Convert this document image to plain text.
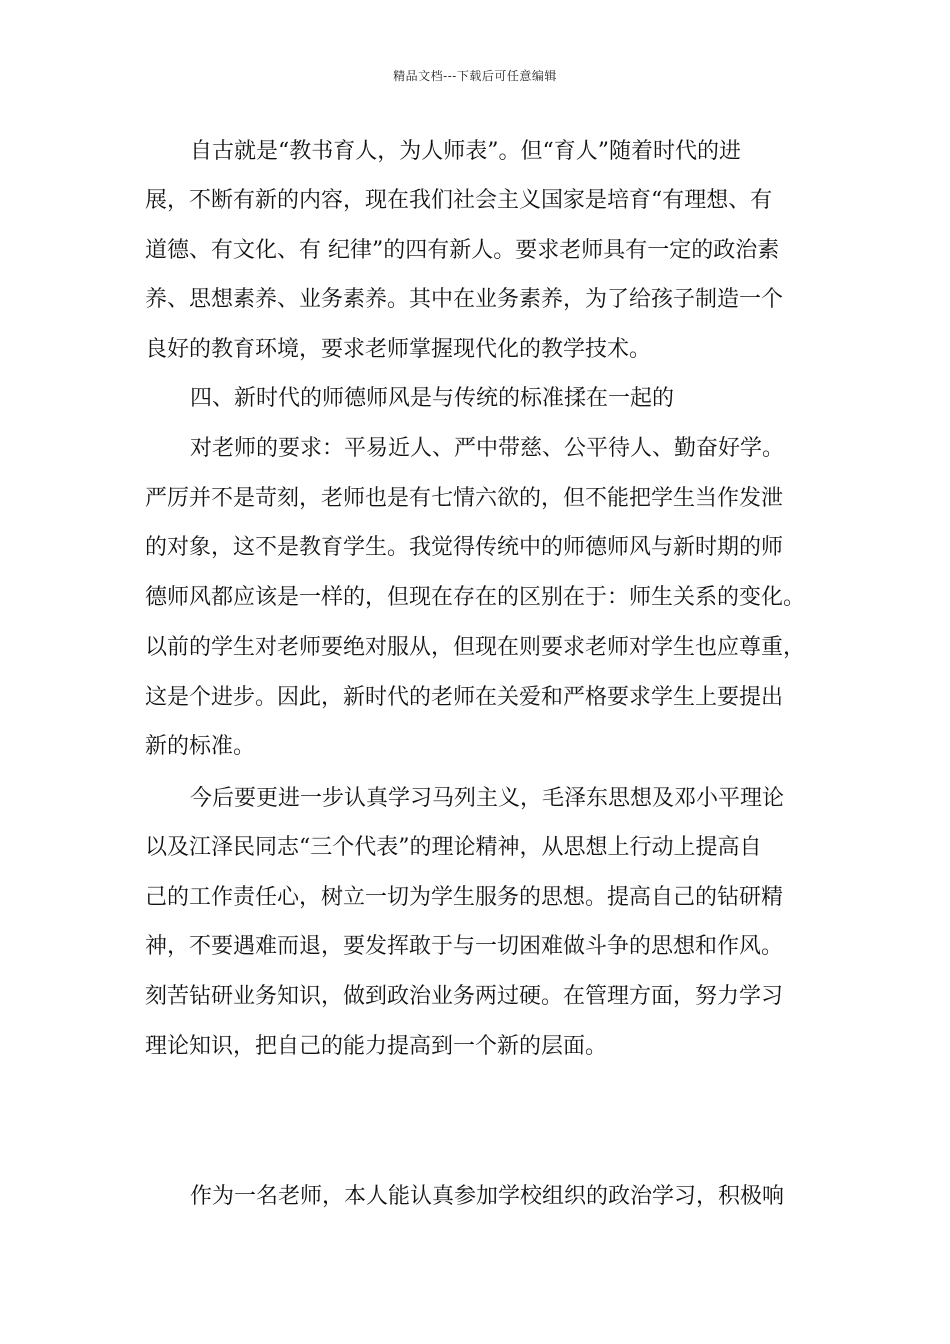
精品文档---下载后可任意编辑
自古就是“教书育人，为人师表”。但“育人”随着时代的进
展，不断有新的内容，现在我们社会主义国家是培育“有理想、有
道德、有文化、有 纪律”的四有新人。要求老师具有一定的政治素
养、思想素养、业务素养。其中在业务素养，为了给孩子制造一个
良好的教育环境，要求老师掌握现代化的教学技术。
四、新时代的师德师风是与传统的标准揉在一起的
对老师的要求：平易近人、严中带慈、公平待人、勤奋好学。
严厉并不是苛刻，老师也是有七情六欲的，但不能把学生当作发泄
的对象，这不是教育学生。我觉得传统中的师德师风与新时期的师
德师风都应该是一样的，但现在存在的区别在于：师生关系的变化。
以前的学生对老师要绝对服从，但现在则要求老师对学生也应尊重，
这是个进步。因此，新时代的老师在关爱和严格要求学生上要提出
新的标准。
今后要更进一步认真学习马列主义，毛泽东思想及邓小平理论
以及江泽民同志“三个代表”的理论精神，从思想上行动上提高自
己的工作责任心，树立一切为学生服务的思想。提高自己的钻研精
神，不要遇难而退，要发挥敢于与一切困难做斗争的思想和作风。
刻苦钻研业务知识，做到政治业务两过硬。在管理方面，努力学习
理论知识，把自己的能力提高到一个新的层面。
作为一名老师，本人能认真参加学校组织的政治学习，积极响
